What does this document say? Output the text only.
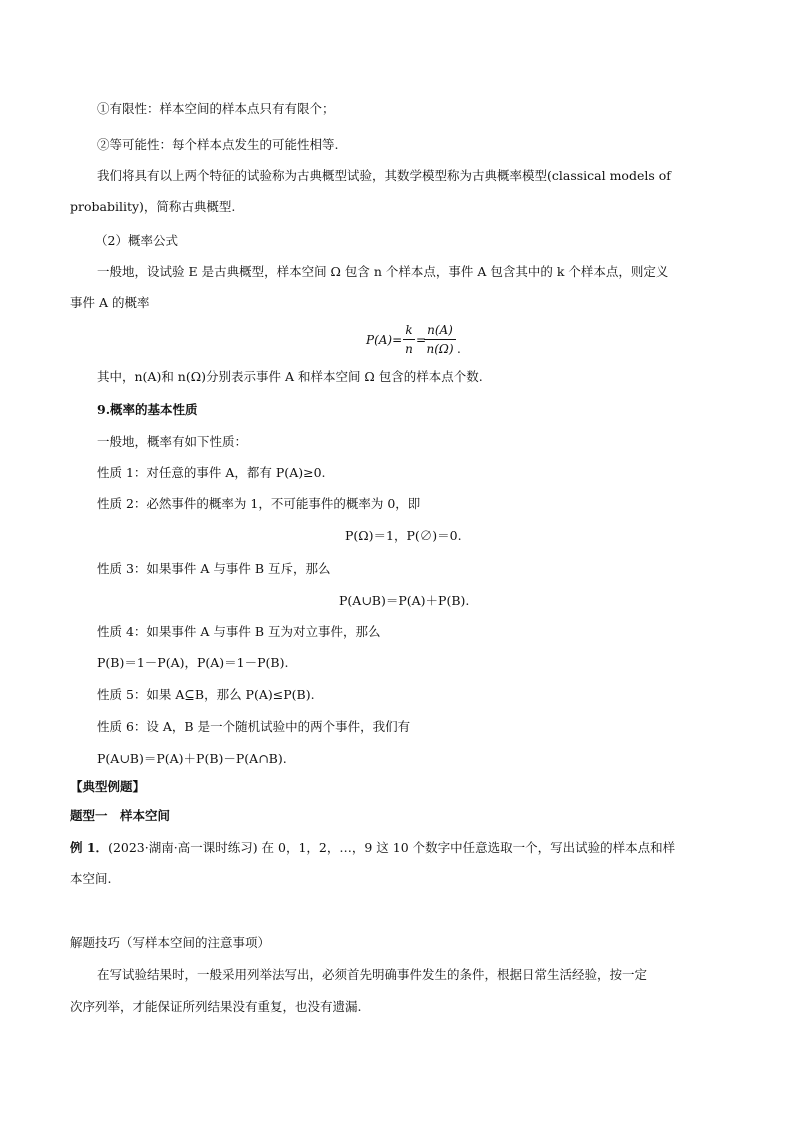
①有限性：样本空间的样本点只有有限个；
②等可能性：每个样本点发生的可能性相等.
我们将具有以上两个特征的试验称为古典概型试验，其数学模型称为古典概率模型(classical models of
probability)，简称古典概型.
（2）概率公式
一般地，设试验 E 是古典概型，样本空间 Ω 包含 n 个样本点，事件 A 包含其中的 k 个样本点，则定义
事件 A 的概率
P(A)=
k
n
=
n(A)
n(Ω) .
其中，n(A)和 n(Ω)分别表示事件 A 和样本空间 Ω 包含的样本点个数.
9.概率的基本性质
一般地，概率有如下性质：
性质 1：对任意的事件 A，都有 P(A)≥0.
性质 2：必然事件的概率为 1，不可能事件的概率为 0，即
P(Ω)＝1，P(∅)＝0.
性质 3：如果事件 A 与事件 B 互斥，那么
P(A∪B)＝P(A)＋P(B).
性质 4：如果事件 A 与事件 B 互为对立事件，那么
P(B)＝1－P(A)，P(A)＝1－P(B).
性质 5：如果 A⊆B，那么 P(A)≤P(B).
性质 6：设 A，B 是一个随机试验中的两个事件，我们有
P(A∪B)＝P(A)＋P(B)－P(A∩B).
【典型例题】
题型一　样本空间
例 1．(2023·湖南·高一课时练习) 在 0，1，2，…，9 这 10 个数字中任意选取一个，写出试验的样本点和样
本空间.
解题技巧（写样本空间的注意事项）
在写试验结果时，一般采用列举法写出，必须首先明确事件发生的条件，根据日常生活经验，按一定
次序列举，才能保证所列结果没有重复，也没有遗漏.
